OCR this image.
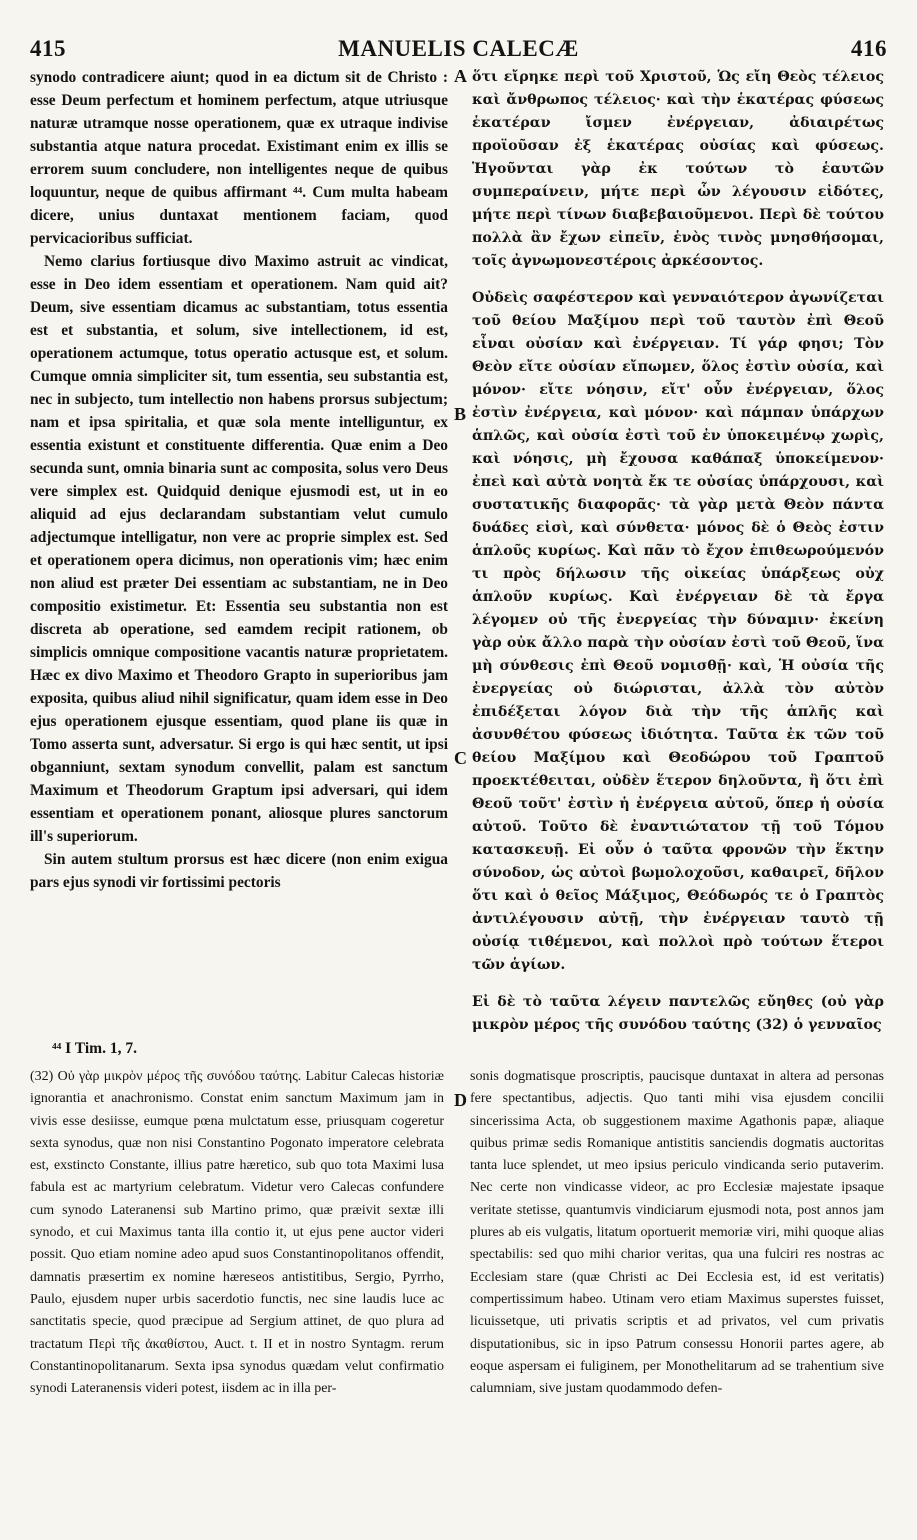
415	MANUELIS CALECÆ	416

synodo contradicere aiunt; quod in ea dictum sit de Christo : esse Deum perfectum et hominem perfectum, atque utriusque naturæ utramque nosse operationem, quæ ex utraque indivise substantia atque natura procedat. Existimant enim ex illis se errorem suum concludere, non intelligentes neque de quibus loquuntur, neque de quibus affirmant ⁴⁴. Cum multa habeam dicere, unius duntaxat mentionem faciam, quod pervicacioribus sufficiat.

Nemo clarius fortiusque divo Maximo astruit ac vindicat, esse in Deo idem essentiam et operationem. Nam quid ait? Deum, sive essentiam dicamus ac substantiam, totus essentia est et substantia, et solum, sive intellectionem, id est, operationem actumque, totus operatio actusque est, et solum. Cumque omnia simpliciter sit, tum essentia, seu substantia est, nec in subjecto, tum intellectio non habens prorsus subjectum; nam et ipsa spiritalia, et quæ sola mente intelliguntur, ex essentia existunt et constituente differentia. Quæ enim a Deo secunda sunt, omnia binaria sunt ac composita, solus vero Deus vere simplex est. Quidquid denique ejusmodi est, ut in eo aliquid ad ejus declarandam substantiam velut cumulo adjectumque intelligatur, non vere ac proprie simplex est. Sed et operationem opera dicimus, non operationis vim; hæc enim non aliud est præter Dei essentiam ac substantiam, ne in Deo compositio existimetur. Et: Essentia seu substantia non est discreta ab operatione, sed eamdem recipit rationem, ob simplicis omnique compositione vacantis naturæ proprietatem. Hæc ex divo Maximo et Theodoro Grapto in superioribus jam exposita, quibus aliud nihil significatur, quam idem esse in Deo ejus operationem ejusque essentiam, quod plane iis quæ in Tomo asserta sunt, adversatur. Si ergo is qui hæc sentit, ut ipsi obganniunt, sextam synodum convellit, palam est sanctum Maximum et Theodorum Graptum ipsi adversari, qui idem essentiam et operationem ponant, aliosque plures sanctorum ill's superiorum.

Sin autem stultum prorsus est hæc dicere (non enim exigua pars ejus synodi vir fortissimi pectoris

ὅτι εἴρηκε περὶ τοῦ Χριστοῦ, Ὡς εἴη Θεὸς τέλειος καὶ ἄνθρωπος τέλειος· καὶ τὴν ἑκατέρας φύσεως ἑκατέραν ἴσμεν ἐνέργειαν, ἀδιαιρέτως προϊοῦσαν ἐξ ἑκατέρας οὐσίας καὶ φύσεως. Ἡγοῦνται γὰρ ἐκ τούτων τὸ ἑαυτῶν συμπεραίνειν, μήτε περὶ ὧν λέγουσιν εἰδότες, μήτε περὶ τίνων διαβεβαιοῦμενοι. Περὶ δὲ τούτου πολλὰ ἂν ἔχων εἰπεῖν, ἑνὸς τινὸς μνησθήσομαι, τοῖς ἀγνωμονεστέροις ἀρκέσοντος.

Οὐδεὶς σαφέστερον καὶ γενναιότερον ἀγωνίζεται τοῦ θείου Μαξίμου περὶ τοῦ ταυτὸν ἐπὶ Θεοῦ εἶναι οὐσίαν καὶ ἐνέργειαν. Τί γάρ φησι; Τὸν Θεὸν εἴτε οὐσίαν εἴπωμεν, ὅλος ἐστὶν οὐσία, καὶ μόνον· εἴτε νόησιν, εἴτ' οὖν ἐνέργειαν, ὅλος ἐστὶν ἐνέργεια, καὶ μόνον· καὶ πάμπαν ὑπάρχων ἁπλῶς, καὶ οὐσία ἐστὶ τοῦ ἐν ὑποκειμένῳ χωρὶς, καὶ νόησις, μὴ ἔχουσα καθάπαξ ὑποκείμενον· ἐπεὶ καὶ αὐτὰ νοητὰ ἔκ τε οὐσίας ὑπάρχουσι, καὶ συστατικῆς διαφορᾶς· τὰ γὰρ μετὰ Θεὸν πάντα δυάδες εἰσὶ, καὶ σύνθετα· μόνος δὲ ὁ Θεὸς ἐστιν ἁπλοῦς κυρίως. Καὶ πᾶν τὸ ἔχον ἐπιθεωρούμενόν τι πρὸς δήλωσιν τῆς οἰκείας ὑπάρξεως οὐχ ἁπλοῦν κυρίως. Καὶ ἐνέργειαν δὲ τὰ ἔργα λέγομεν οὐ τῆς ἐνεργείας τὴν δύναμιν· ἐκείνη γὰρ οὐκ ἄλλο παρὰ τὴν οὐσίαν ἐστὶ τοῦ Θεοῦ, ἵνα μὴ σύνθεσις ἐπὶ Θεοῦ νομισθῇ· καὶ, Ἡ οὐσία τῆς ἐνεργείας οὐ διώρισται, ἀλλὰ τὸν αὐτὸν ἐπιδέξεται λόγον διὰ τὴν τῆς ἁπλῆς καὶ ἀσυνθέτου φύσεως ἰδιότητα. Ταῦτα ἐκ τῶν τοῦ θείου Μαξίμου καὶ Θεοδώρου τοῦ Γραπτοῦ προεκτέθειται, οὐδὲν ἕτερον δηλοῦντα, ἢ ὅτι ἐπὶ Θεοῦ τοῦτ' ἐστὶν ἡ ἐνέργεια αὐτοῦ, ὅπερ ἡ οὐσία αὐτοῦ. Τοῦτο δὲ ἐναντιώτατον τῇ τοῦ Τόμου κατασκευῇ. Εἰ οὖν ὁ ταῦτα φρονῶν τὴν ἕκτην σύνοδον, ὡς αὐτοὶ βωμολοχοῦσι, καθαιρεῖ, δῆλον ὅτι καὶ ὁ θεῖος Μάξιμος, Θεόδωρός τε ὁ Γραπτὸς ἀντιλέγουσιν αὐτῇ, τὴν ἐνέργειαν ταυτὸ τῇ οὐσίᾳ τιθέμενοι, καὶ πολλοὶ πρὸ τούτων ἕτεροι τῶν ἁγίων.

Εἰ δὲ τὸ ταῦτα λέγειν παντελῶς εὔηθες (οὐ γὰρ μικρὸν μέρος τῆς συνόδου ταύτης (32) ὁ γενναῖος

A
B
C
D
⁴⁴ I Tim. 1, 7.

(32) Οὐ γὰρ μικρὸν μέρος τῆς συνόδου ταύτης. Labitur Calecas historiæ ignorantia et anachronismo. Constat enim sanctum Maximum jam in vivis esse desiisse, eumque pœna mulctatum esse, priusquam cogeretur sexta synodus, quæ non nisi Constantino Pogonato imperatore celebrata est, exstincto Constante, illius patre hæretico, sub quo tota Maximi lusa fabula est ac martyrium celebratum. Videtur vero Calecas confundere cum synodo Lateranensi sub Martino primo, quæ præivit sextæ illi synodo, et cui Maximus tanta illa contio it, ut ejus pene auctor videri possit. Quo etiam nomine adeo apud suos Constantinopolitanos offendit, damnatis præsertim ex nomine hæreseos antistitibus, Sergio, Pyrrho, Paulo, ejusdem nuper urbis sacerdotio functis, nec sine laudis luce ac sanctitatis specie, quod præcipue ad Sergium attinet, de quo plura ad tractatum Περὶ τῆς ἀκαθίστου, Auct. t. II et in nostro Syntagm. rerum Constantinopolitanarum. Sexta ipsa synodus quædam velut confirmatio synodi Lateranensis videri potest, iisdem ac in illa per-

sonis dogmatisque proscriptis, paucisque duntaxat in altera ad personas fere spectantibus, adjectis. Quo tanti mihi visa ejusdem concilii sincerissima Acta, ob suggestionem maxime Agathonis papæ, aliaque quibus primæ sedis Romanique antistitis sanciendis dogmatis auctoritas tanta luce splendet, ut meo ipsius periculo vindicanda serio putaverim. Nec certe non vindicasse videor, ac pro Ecclesiæ majestate ipsaque veritate stetisse, quantumvis vindiciarum ejusmodi nota, post annos jam plures ab eis vulgatis, litatum oportuerit memoriæ viri, mihi quoque alias spectabilis: sed quo mihi charior veritas, qua una fulciri res nostras ac Ecclesiam stare (quæ Christi ac Dei Ecclesia est, id est veritatis) compertissimum habeo. Utinam vero etiam Maximus superstes fuisset, licuissetque, uti privatis scriptis et ad privatos, vel cum privatis disputationibus, sic in ipso Patrum consessu Honorii partes agere, ab eoque aspersam ei fuliginem, per Monothelitarum ad se trahentium sive calumniam, sive justam quodammodo defen-
